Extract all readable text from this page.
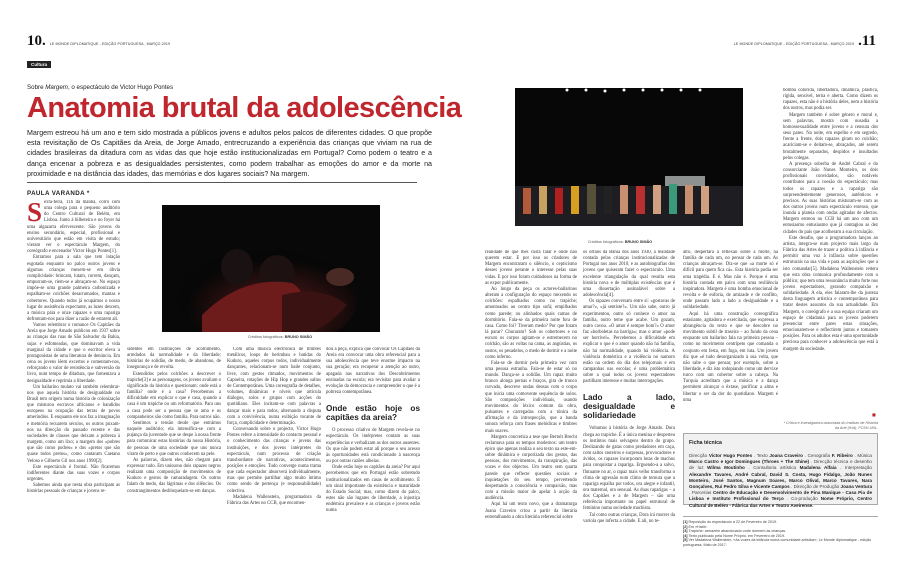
10. LE MONDE DIPLOMATIQUE - EDIÇÃO PORTUGUESA , MARÇO 2019	LE MONDE DIPLOMATIQUE - EDIÇÃO PORTUGUESA , MARÇO 2019 .11
Cultura
Sobre Margem, o espectáculo de Victor Hugo Pontes
Anatomia brutal da adolescência
Margem estreou há um ano e tem sido mostrada a públicos jovens e adultos pelos palcos de diferentes cidades. O que propõe esta revisitação de Os Capitães da Areia, de Jorge Amado, entrecruzando a experiência das crianças que viviam na rua de cidades brasileiras da ditadura com as vidas das que hoje estão institucionalizadas em Portugal? Como podem o teatro e a dança encenar a pobreza e as desigualdades persistentes, como podem trabalhar as emoções do amor e da morte na proximidade e na distância das idades, das memórias e dos lugares sociais? Na margem.
PAULA VARANDA *
Créditos fotográficos: BRUNO SIMÃO
Créditos fotográficos: BRUNO SIMÃO
S exta-feira, 11h da manhã, corro com uma colega para o pequeno auditório do Centro Cultural de Belém, em Lisboa. Junto à bilheteira e no foyer há uma algazarra efervescente. São jovens do ensino secundário, especial, profissional e universitário que estão em visita de estudo; vieram ver o espectáculo Margem, do coreógrafo e encenador Victor Hugo Pontes[1].

Entramos para a sala que tem lotação esgotada enquanto no palco outros jovens e algumas crianças mexem-se em óbvia cumplicidade: brincam, lutam, correm, dançam, empurram-se, riem-se e abraçam-se. No espaço impõe-se uma grande palmeira carbonizada e espalham-se colchões desarrumados, mantas e cobertores. Quando todos já ocupámos o nosso lugar de assistência expectante, as luzes descem, a música pára e onze rapazes e uma rapariga defrontam-nos para dizer a razão de estarem ali.

Vamos relembrar o romance Os Capitães da Areia que Jorge Amado publicou em 1937 sobre as crianças das ruas de São Salvador da Bahia, sujas e esfomeadas, que dominavam a vida marginal da cidade e que o escritor eleva a protagonistas de uma literatura de denúncia. Em cena os jovens lêem excertos e comentam-nos, reforçando o valor de resistência e subversão do livro, num tempo de ditadura, que fomentava a desigualdade e reprimia a liberdade.

Um bailarino mulato vai também relembrar-nos que aquela história de desigualdade no Brasil tem origem numa história de colonização que misturou escravos africanos e bandidos europeus na ocupação das terras de povos ameríndios. E enquanto ele nos faz a imaginação e memória recuarem séculos, os outros puxam-nos na direcção do passado recente e das sociedades de classes que deixam a pobreza à margem, como um lixo; a margem dos «pobres que são como podres» e dos «pretos que são quase todos pretos», como cantaram Caetano Veloso e Gilberto Gil nos anos 1990[2].

Este espectáculo é frontal. Não ficaremos indiferentes diante das suas vozes e corpos urgentes.

Sabemos ainda que nesta obra participam as histórias pessoais de crianças e jovens re-

sidentes em instituições de acolhimento, arredados da normalidade e da liberdade; histórias de solidão, de medo, de abandono, de insegurança e de revolta.

Estendidos pelos colchões a descrever o trapiche[3] e as personagens, os jovens avaliam o significado da história e questionam: onde está a família? onde é a casa? Percebemos a dificuldade em explicar o que é casa, quando a casa é um trapiche ou um reformatório. Para uns a casa pode ser a pessoa que se ama e os companheiros são como família. Para outros não.

Sentimos a tensão desde que entrámos naquele auditório; ela intensifica-se com a pujança da juventude que se despe à nossa frente para comunicar estas histórias da nossa História, de pessoas de uma sociedade que uns nunca viram de perto e que outros conhecem na pele.

As palavras, dizem eles, não chegam para expressar tudo. Em uníssono dois rapazes negros realizam uma composição de movimentos de Kuduro e gestos de camaradagem. Os outros falam do medo, das lágrimas e dos silêncios. Os constrangimentos desbloqueiam-se em danças.

Com uma música electrónica de timbres metálicos, loops de berimbau e batidas do Kuduro, aqueles corpos todos, individualmente dançantes, relacionam-se num baile conjunto, livre, com gestos ritmados, movimentos de Capoeira, rotações de Hip Hop e grandes saltos de Contemporânea. Uma coreografia de detalhes, volumes, dinâmicas e níveis que articula diálogos, solos e grupos com acções do quotidiano. Eles incitam-se com palavras a dançar mais e para todos, alternando a disputa com a convivência, numa exibição tocante de força, cumplicidade e determinação.

Conversando sobre o projecto, Victor Hugo Pontes refere a intensidade do contacto pessoal e o conhecimento das crianças e jovens das instituições, e dos jovens intérpretes do espectáculo, num processo de criação transbordante de narrativas, acontecimentos, posições e emoções. Tudo converge numa trama que cada espectador absorverá individualmente, mas que permite partilhar algo muito íntimo como sendo de pertença (e responsabilidade) colectiva.

Madalena Wallenstein, programadora da Fábrica das Artes no CCB, que encomen-

dou a peça, explica que convocar Os Capitães da Areia era convocar uma obra referencial para a sua adolescência que teve enorme impacto na sua geração; era recuperar a atenção ao outro, apagada nas narrativas dos Descobrimentos ensinadas na escola; era revisitar para avaliar a evolução da democracia e compreender o que é a pobreza contemporânea.

Onde estão hoje os capitães da areia?

O processo criativo de Margem revela-se no espectáculo. Os intérpretes contam as suas experiências e verbalizam as dos outros ausentes. Os que não podem estar ali porque o seu acesso às oportunidades está condicionado à nascença ou por outras razões alheias.

Onde estão hoje os capitães da areia? Por aqui percebemos que em Portugal estão sobretudo institucionalizados em casas de acolhimento. É um sinal importante da existência e maturidade do Estado Social; mas, como dizem do palco, estes não são lugares de liberdade, a injustiça endémica prevalece e as crianças e jovens estão numa

realidade de que lhes custa falar e onde não querem estar. E por isso os criadores de Margem encontraram o silêncio, o cepticismo desses jovens perante o interesse pelas suas vidas. E por isso foram cuidadosos na forma de as expor publicamente.

Ao longo da peça os actores-bailarinos alteram a configuração do espaço mexendo os colchões: espalhados como no trapiche; amontoados ao centro tipo sofá; empilhados como parede; ou alinhados quais camas de dormitório. Fala-se da primeira noite fora de casa. Como foi? Tiveram medo? Por que foram lá parar? Choraram? Sob os cobertores e no escuro os corpos agitam-se e estremecem no colchão, são as voltas na cama, as angústias, os sustos, os pesadelos, o medo de dormir e a noite como inferno.

Fala-se de dormir pela primeira vez com uma pessoa estranha. Fala-se de estar só no mundo. Dança-se a solidão. Um rapaz muito branco alonga pernas e braços, gira de tronco curvado, descreve ondas densas com o corpo que inicia uma comovente sequência de solos. São composições individuais, usando movimentos do léxico comum da obra, pulsantes e carregadas com a tónica da afirmação e da introspecção, que a banda sonora reforça com frases melódicas e timbres mais suaves.

Margem concretiza a tese que Bertolt Brecht reclamava para os tempos modernos: um teatro épico que apenas realiza o seu texto na este-em-sobre dinâmica e corporizada dos gestos, das pessoas, dos movimentos, da transpiração, das vozes e dos objectos. Um teatro sem quarta parede que reflecte questões sociais e inquietações do seu tempo, pervertendo despertando a consciência e compaixão, mas com a missão maior de apelar à acção da audiência.

Aqui há um texto novo, que a dramaturga Joana Craveiro criou a partir da literária entretalhando a obra literária referencial sobre

os órfãos da Bahia dos anos 1930, a realidade contada pelas crianças institucionalizadas de Portugal nos anos 2010, e as autobiografias dos jovens que quiseram fazer o espectáculo. Uma excelente triangulação da qual resulta esta história nova e de múltiplas existências que é uma dissertação assinalável sobre a adolescência[4].

Os rapazes conversam entre si: «gostavas de amar?», «já sentiste?». Um não sabe, outro já experimentou, outro só conhece o amor na família, outro teme que acabe. Um gozam, outro cavou. «O amor é sempre bom?» O amor faz «borboletas na barriga»; mas o amor «pode ser horrível». Percebemos a dificuldade em explicar o que é o amor quando não há família, não há normalidade, quando há violência. A violência doméstica e a violência no namoro estão na ordem do dia dos telejornais e em campanhas nas escolas; é uma problemática sobre a qual todos os jovens espectadores partilham interesse e muitas interrogações.

Lado a lado, desigualdade e solidariedade

Voltamos à história de Jorge Amado. Dora chega ao trapiche. É a única menina e desperteu os instintos mais selvagens dentro do grupo. Deslizando de gatas como predadores em caça, com saltos rasteiros e surpresas, provocadores e ávidos, os rapazes incorporam lutas de machos para conquistar a rapariga. Erguendo-a a salvo, flutuante no ar, o rapaz mais velho transforma o clima de agressão num clima de ternura que a rapariga espalha por todos, ora alegre e infantil, ora maternal, ora sensual. As duas raparigas – a dos Capitães e a de Margem – são uma referência importante no papel estrutural de feminino numa sociedade machista.

Tal como outras crianças, Dora irá morrer da varíola que infecta a cidade. E ali, no te-

atro, despertará a reflexão sobre a morte, na família de cada um, no pensar de cada um. As crianças abraçam-se. Diz-se que «a morte só é difícil para quem fica cá». Esta história podia ser uma tragédia. E é. Mas não é. Porque é uma história contada em palco com uma resiliência inspiradora. Margem é uma bomba emocional de revolta e de euforia, de amizade e de conflito, onde passam lado a lado a desigualdade e a solidariedade.

Aqui há uma construção coreográfica estasiante, agitadora e exercitada, que expressa a abrangência do texto e que se descobre no movimento subtil de traseira – ao fundo da cena enquanto um bailarino fala na primeira pessoa – como no movimento centrípeto que comanda o conjunto em festa, em fuga, em luta. Um jovem diz que «é tudo desorganizado à sua volta, que não sabe o que pensar, por exemplo, sobre a liberdade, e diz isto rodopiando como um dervixe turco com um cobertor sobre a cabeça. Na Turquia acreditam que a música e a dança permitem alcançar o êxtase, purificar a alma e libertar o ser da dor do quotidiano. Margem é uma

bomba colorida, libertadora, dinâmica, plástica, rígida, sensível, terna e aberta. Como dizem os rapazes, esta não é a história deles, nem a história dos outros, mas podia ser.

Margem também é sobre género e moral e, sem palavras, mostra com ousadia a homossexualidade entre jovens e a censura dos seus pares. Na noite, em espelho e em segredo, frente a frente, dois rapazes giram no colchão; acariciam-se e deitam-se, abraçados, até serem brutalmente separados, despidos e insultados pelos colegas.

A presença soberba de André Cabral e do consorciante João Nunes Monteiro, os dois profissionais convidados, são notáveis contributos para a coesão do espectáculo; mas todos os rapazes e a rapariga são surpreendentemente generosos, autênticos e precisos. As suas histórias misturam-se com as dos outros jovens num espectáculo extenso, que inunda a plateia com ondas agitadas de afectos. Margem estreou no CCB há um ano com um entusiasmo entusiasmo que já contagiou as dez cidades do país que acolheram a sua circulação.

Este desafio, que a programadora lançou ao artista, integra-se num projecto mais largo da Fábrica das Artes de trazer a política à infância e permitir uma voz à infância sobre questões estruturais na sua vida e para as aspirações que a isto comandar[5]. Madalena Wallenstein reitera que esta obra comunica profundamente com o público; que tem uma ressonância muito forte nos jovens espectadores, gerando compaixão e solidariedade. A ela, eles falaram-lhe da justeza desta linguagem artística e contemporânea para tratar destes assuntos da sua actualidade. Em Margem, o coreógrafo e a sua equipa criaram um espaço de cidadania para os jovens poderem presenciar entre pares estas situações, emocionarem-se e reflectirem juntos e tomarem posições. Para os adultos esta é uma oportunidade preciosa para conhecer a adolescência que está à margem da sociedade.

■
* Crítica e investigadora associada do Instituto de História da Arte (IHA), FCSH-UNL.
Ficha técnica
Direcção Victor Hugo Pontes . Texto Joana Craveiro . Cenografia F. Ribeiro . Música Marco Castro e Igor Domingues (Throes + The Shine) . Direcção técnica e desenho de luz Wilma Moutinho . Consultoria artística Madalena Alfaia . Interpretação Alexandre Tavares, André Cabral, David S. Costa, Hugo Fidalgo, João Nunes Monteiro, José Santos, Magnum Soares, Marco Olival, Marco Tavares, Nara Gonçalves, Rui Pedro Silva e Vicente Campos . Direcção de Produção Joana Ventura . Parcerias Centro de Educação e Desenvolvimento de Pina Manique - Casa Pia de Lisboa e Instituto Profissional do Terço . Co-produção Nome Próprio, Centro Cultural de Belém - Fábrica das Artes e Teatro Aveirense.
[1] Reposição do espectáculo a 22 de Fevereiro de 2019.
[2] Em «Haiti».
[3] Trapiche: armazém abandonado onde dormem as crianças.
[4] Texto publicado pela Nome Próprio, em Fevereiro de 2019.
[5] Ver Madalena Wallenstein, «As vozes da infância numa comunidade artística», Le Monde diplomatique - edição portuguesa, Maio de 2017.
